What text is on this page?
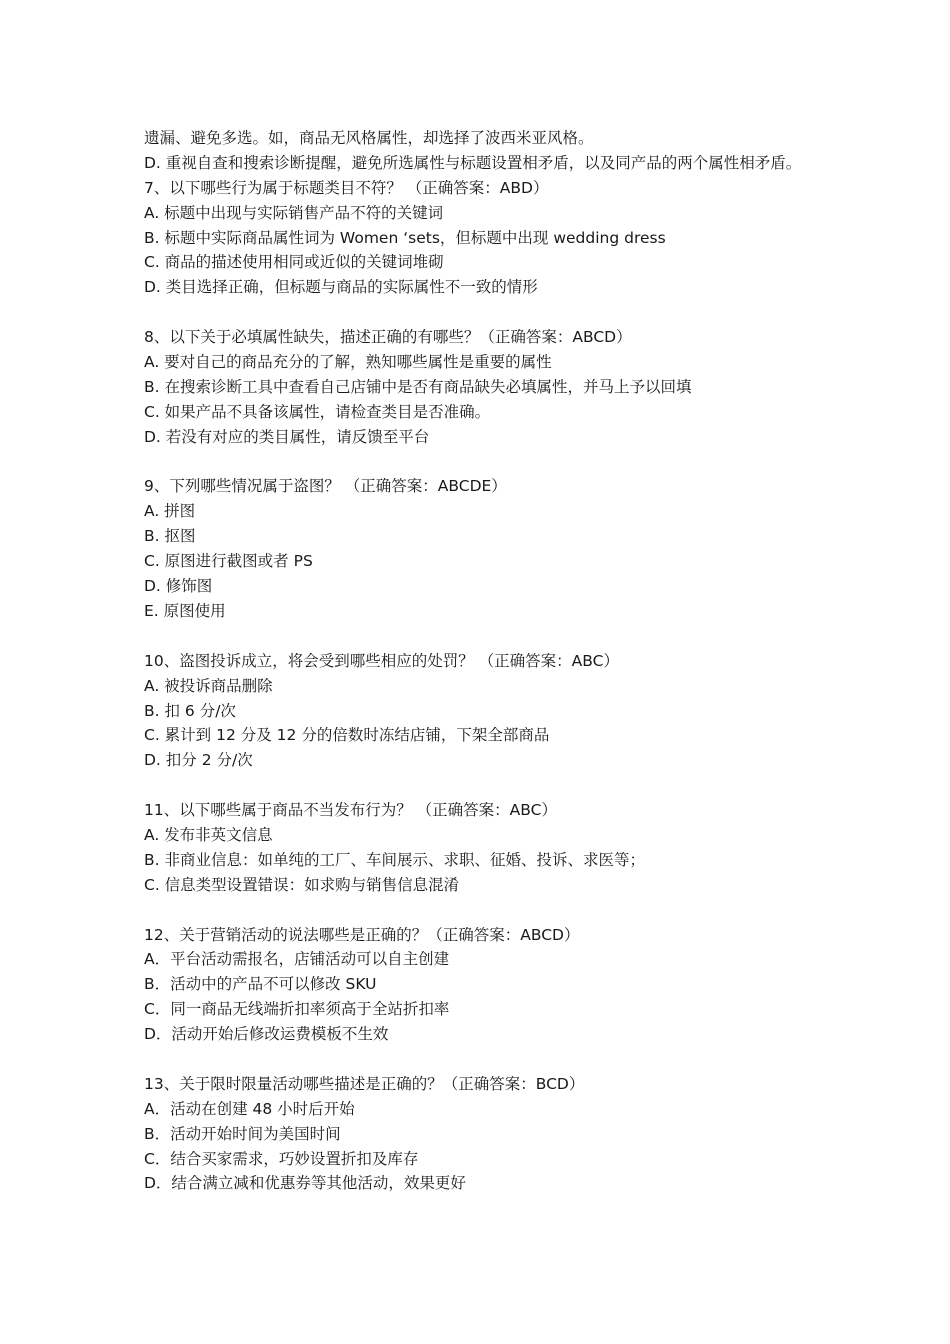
遗漏、避免多选。如，商品无风格属性，却选择了波西米亚风格。
D. 重视自查和搜索诊断提醒，避免所选属性与标题设置相矛盾，以及同产品的两个属性相矛盾。
7、以下哪些行为属于标题类目不符？ （正确答案：ABD）
A. 标题中出现与实际销售产品不符的关键词
B. 标题中实际商品属性词为 Women ‘sets，但标题中出现 wedding dress
C. 商品的描述使用相同或近似的关键词堆砌
D. 类目选择正确，但标题与商品的实际属性不一致的情形
8、以下关于必填属性缺失，描述正确的有哪些？（正确答案：ABCD）
A. 要对自己的商品充分的了解，熟知哪些属性是重要的属性
B. 在搜索诊断工具中查看自己店铺中是否有商品缺失必填属性，并马上予以回填
C. 如果产品不具备该属性，请检查类目是否准确。
D. 若没有对应的类目属性，请反馈至平台
9、下列哪些情况属于盗图？ （正确答案：ABCDE）
A. 拼图
B. 抠图
C. 原图进行截图或者 PS
D. 修饰图
E. 原图使用
10、盗图投诉成立，将会受到哪些相应的处罚？ （正确答案：ABC）
A. 被投诉商品删除
B. 扣 6 分/次
C. 累计到 12 分及 12 分的倍数时冻结店铺，下架全部商品
D. 扣分 2 分/次
11、以下哪些属于商品不当发布行为？ （正确答案：ABC）
A. 发布非英文信息
B. 非商业信息：如单纯的工厂、车间展示、求职、征婚、投诉、求医等；
C. 信息类型设置错误：如求购与销售信息混淆
12、关于营销活动的说法哪些是正确的？（正确答案：ABCD）
A．平台活动需报名，店铺活动可以自主创建
B．活动中的产品不可以修改 SKU
C．同一商品无线端折扣率须高于全站折扣率
D．活动开始后修改运费模板不生效
13、关于限时限量活动哪些描述是正确的？（正确答案：BCD）
A．活动在创建 48 小时后开始
B．活动开始时间为美国时间
C．结合买家需求，巧妙设置折扣及库存
D．结合满立减和优惠券等其他活动，效果更好
